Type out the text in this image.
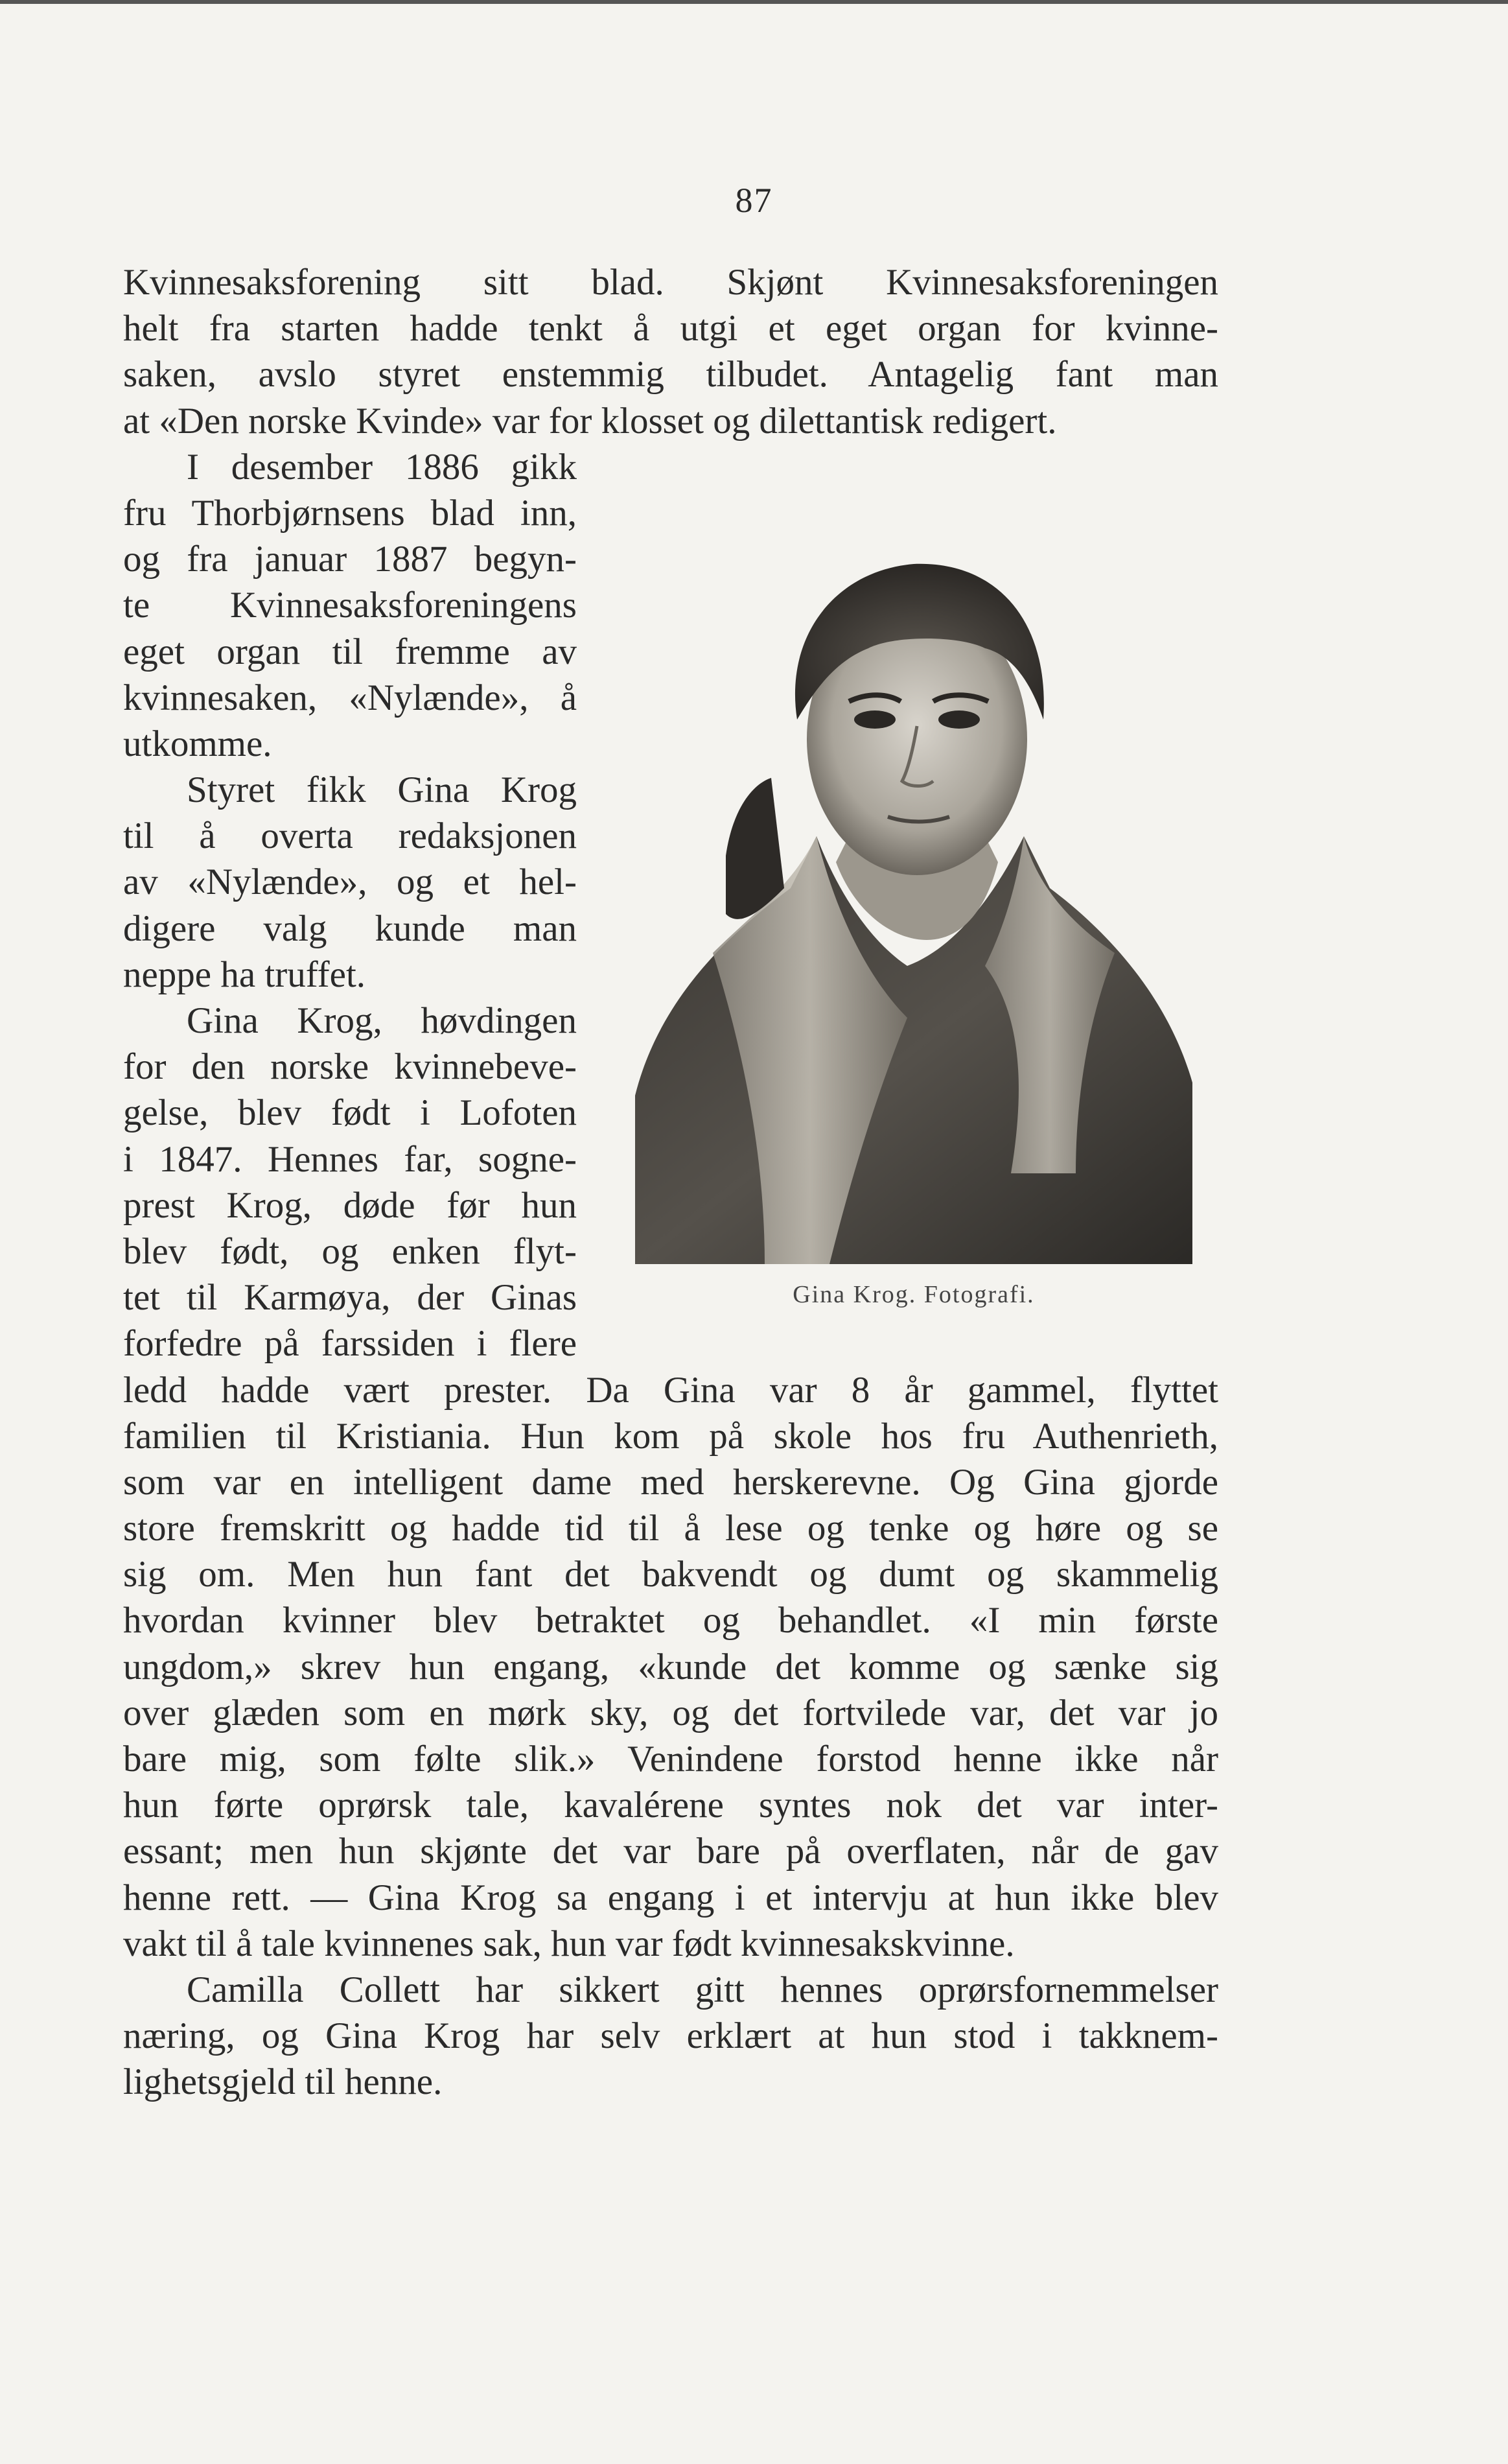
87
Kvinnesaksforening sitt blad. Skjønt Kvinnesaksforeningen
helt fra starten hadde tenkt å utgi et eget organ for kvinne-
saken, avslo styret enstemmig tilbudet. Antagelig fant man
at «Den norske Kvinde» var for klosset og dilettantisk redigert.
I desember 1886 gikk
fru Thorbjørnsens blad inn,
og fra januar 1887 begyn-
te Kvinnesaksforeningens
eget organ til fremme av
kvinnesaken, «Nylænde», å
utkomme.
Styret fikk Gina Krog
til å overta redaksjonen
av «Nylænde», og et hel-
digere valg kunde man
neppe ha truffet.
Gina Krog, høvdingen
for den norske kvinnebeve-
gelse, blev født i Lofoten
i 1847. Hennes far, sogne-
prest Krog, døde før hun
blev født, og enken flyt-
tet til Karmøya, der Ginas
forfedre på farssiden i flere
ledd hadde vært prester. Da Gina var 8 år gammel, flyttet
familien til Kristiania. Hun kom på skole hos fru Authenrieth,
som var en intelligent dame med herskerevne. Og Gina gjorde
store fremskritt og hadde tid til å lese og tenke og høre og se
sig om. Men hun fant det bakvendt og dumt og skammelig
hvordan kvinner blev betraktet og behandlet. «I min første
ungdom,» skrev hun engang, «kunde det komme og sænke sig
over glæden som en mørk sky, og det fortvilede var, det var jo
bare mig, som følte slik.» Venindene forstod henne ikke når
hun førte oprørsk tale, kavalérene syntes nok det var inter-
essant; men hun skjønte det var bare på overflaten, når de gav
henne rett. — Gina Krog sa engang i et intervju at hun ikke blev
vakt til å tale kvinnenes sak, hun var født kvinnesakskvinne.
Camilla Collett har sikkert gitt hennes oprørsfornemmelser
næring, og Gina Krog har selv erklært at hun stod i takknem-
lighetsgjeld til henne.
Gina Krog. Fotografi.
